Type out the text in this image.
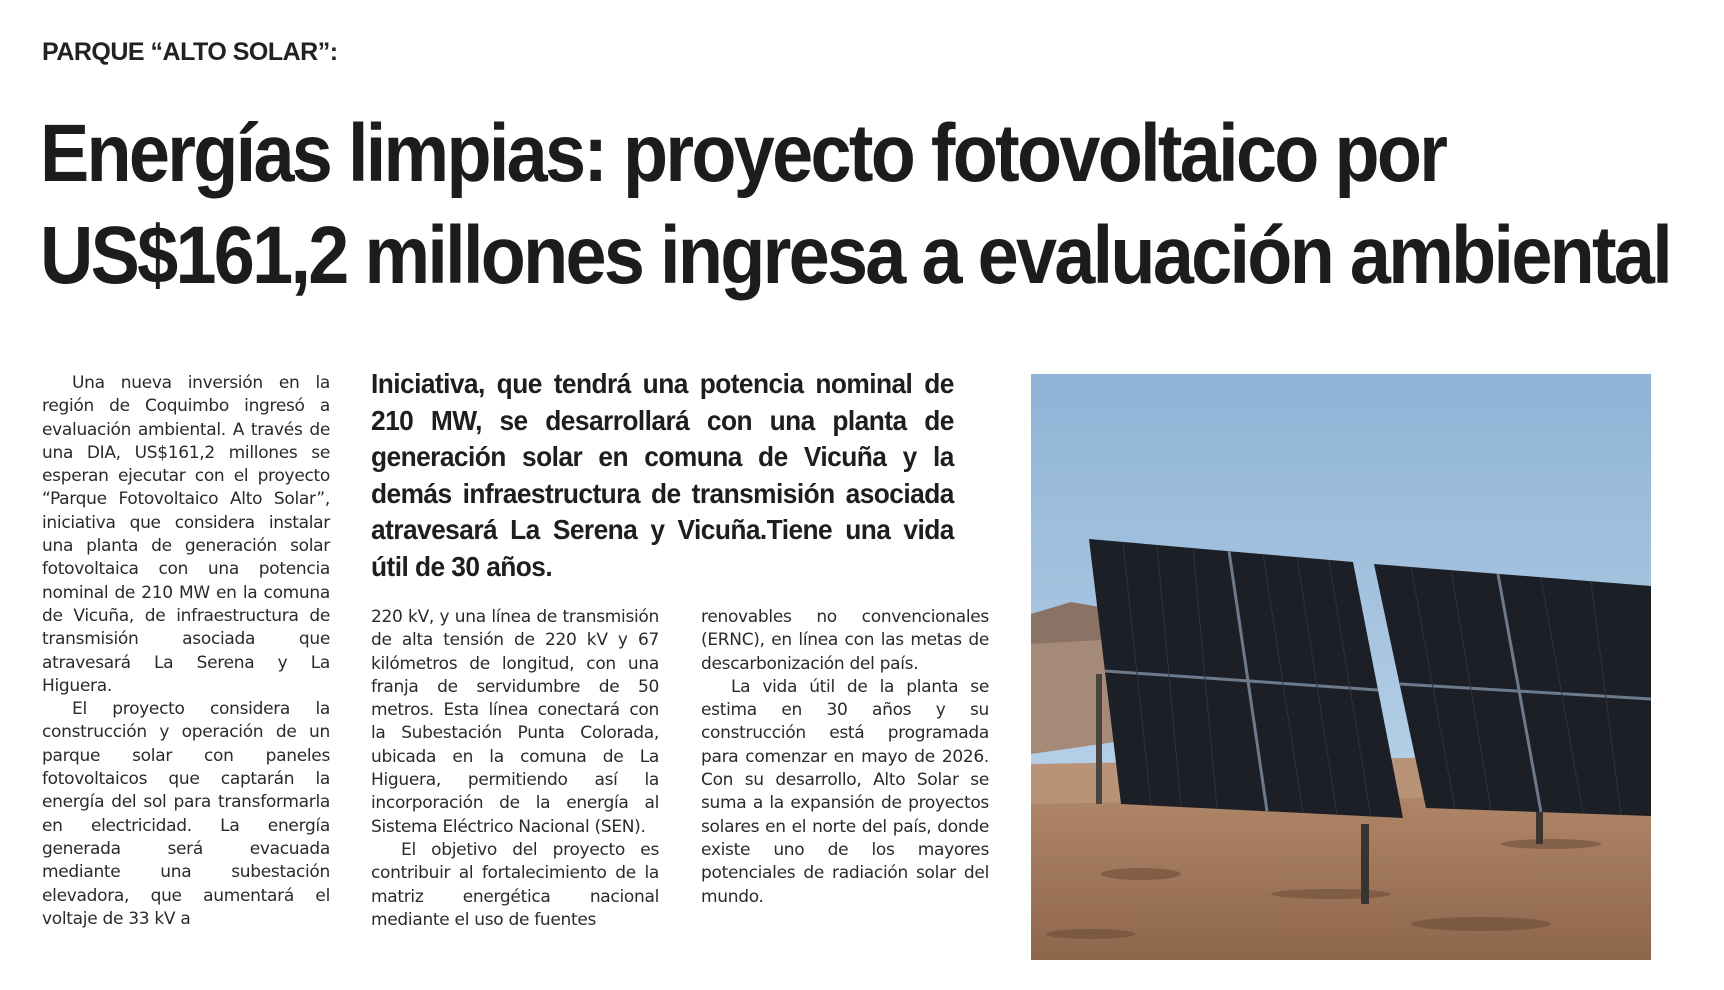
PARQUE “ALTO SOLAR”:
Energías limpias: proyecto fotovoltaico por
US$161,2 millones ingresa a evaluación ambiental

Una nueva inversión en la región de Coquimbo ingresó a evaluación ambiental. A través de una DIA, US$161,2 millones se esperan ejecutar con el proyecto “Parque Fotovoltaico Alto Solar”, iniciativa que considera instalar una planta de generación solar fotovoltaica con una potencia nominal de 210 MW en la comuna de Vicuña, de infraestructura de transmisión asociada que atravesará La Serena y La Higuera.

El proyecto considera la construcción y operación de un parque solar con paneles fotovoltaicos que captarán la energía del sol para transformarla en electricidad. La energía generada será evacuada mediante una subestación elevadora, que aumentará el voltaje de 33 kV a

Iniciativa, que tendrá una potencia nominal de 210 MW, se desarrollará con una planta de generación solar en comuna de Vicuña y la demás infraestructura de transmisión asociada atravesará La Serena y Vicuña.Tiene una vida útil de 30 años.

220 kV, y una línea de transmisión de alta tensión de 220 kV y 67 kilómetros de longitud, con una franja de servidumbre de 50 metros. Esta línea conectará con la Subestación Punta Colorada, ubicada en la comuna de La Higuera, permitiendo así la incorporación de la energía al Sistema Eléctrico Nacional (SEN).

El objetivo del proyecto es contribuir al fortalecimiento de la matriz energética nacional mediante el uso de fuentes

renovables no convencionales (ERNC), en línea con las metas de descarbonización del país.

La vida útil de la planta se estima en 30 años y su construcción está programada para comenzar en mayo de 2026. Con su desarrollo, Alto Solar se suma a la expansión de proyectos solares en el norte del país, donde existe uno de los mayores potenciales de radiación solar del mundo.
